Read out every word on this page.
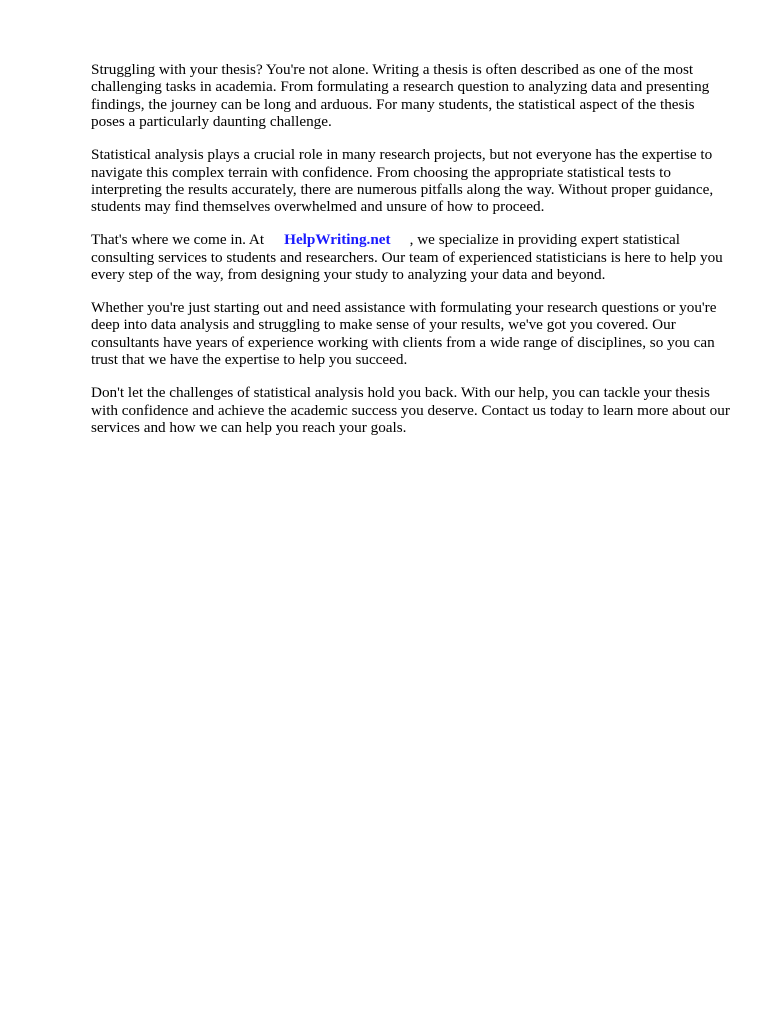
Struggling with your thesis? You're not alone. Writing a thesis is often described as one of the most challenging tasks in academia. From formulating a research question to analyzing data and presenting findings, the journey can be long and arduous. For many students, the statistical aspect of the thesis poses a particularly daunting challenge.

Statistical analysis plays a crucial role in many research projects, but not everyone has the expertise to navigate this complex terrain with confidence. From choosing the appropriate statistical tests to interpreting the results accurately, there are numerous pitfalls along the way. Without proper guidance, students may find themselves overwhelmed and unsure of how to proceed.

That's where we come in. At HelpWriting.net , we specialize in providing expert statistical consulting services to students and researchers. Our team of experienced statisticians is here to help you every step of the way, from designing your study to analyzing your data and beyond.

Whether you're just starting out and need assistance with formulating your research questions or you're deep into data analysis and struggling to make sense of your results, we've got you covered. Our consultants have years of experience working with clients from a wide range of disciplines, so you can trust that we have the expertise to help you succeed.

Don't let the challenges of statistical analysis hold you back. With our help, you can tackle your thesis with confidence and achieve the academic success you deserve. Contact us today to learn more about our services and how we can help you reach your goals.
